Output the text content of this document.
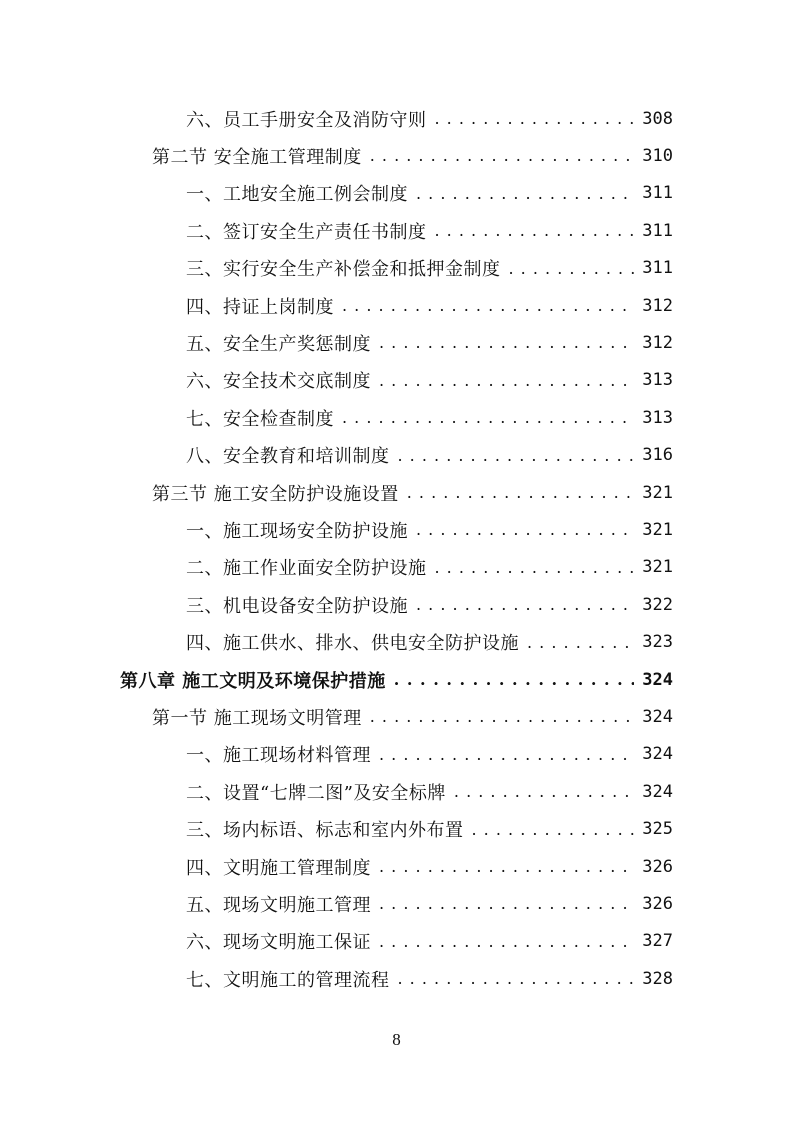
六、员工手册安全及消防守则 . . .	308
第二节 安全施工管理制度 . . .	310
一、工地安全施工例会制度 . . .	311
二、签订安全生产责任书制度 . . .	311
三、实行安全生产补偿金和抵押金制度 . . .	311
四、持证上岗制度 . . .	312
五、安全生产奖惩制度 . . .	312
六、安全技术交底制度 . . .	313
七、安全检查制度 . . .	313
八、安全教育和培训制度 . . .	316
第三节 施工安全防护设施设置 . . .	321
一、施工现场安全防护设施 . . .	321
二、施工作业面安全防护设施 . . .	321
三、机电设备安全防护设施 . . .	322
四、施工供水、排水、供电安全防护设施 . . .	323
第八章 施工文明及环境保护措施 . . .	324
第一节 施工现场文明管理 . . .	324
一、施工现场材料管理 . . .	324
二、设置“七牌二图”及安全标牌 . . .	324
三、场内标语、标志和室内外布置 . . .	325
四、文明施工管理制度 . . .	326
五、现场文明施工管理 . . .	326
六、现场文明施工保证 . . .	327
七、文明施工的管理流程 . . .	328
8
